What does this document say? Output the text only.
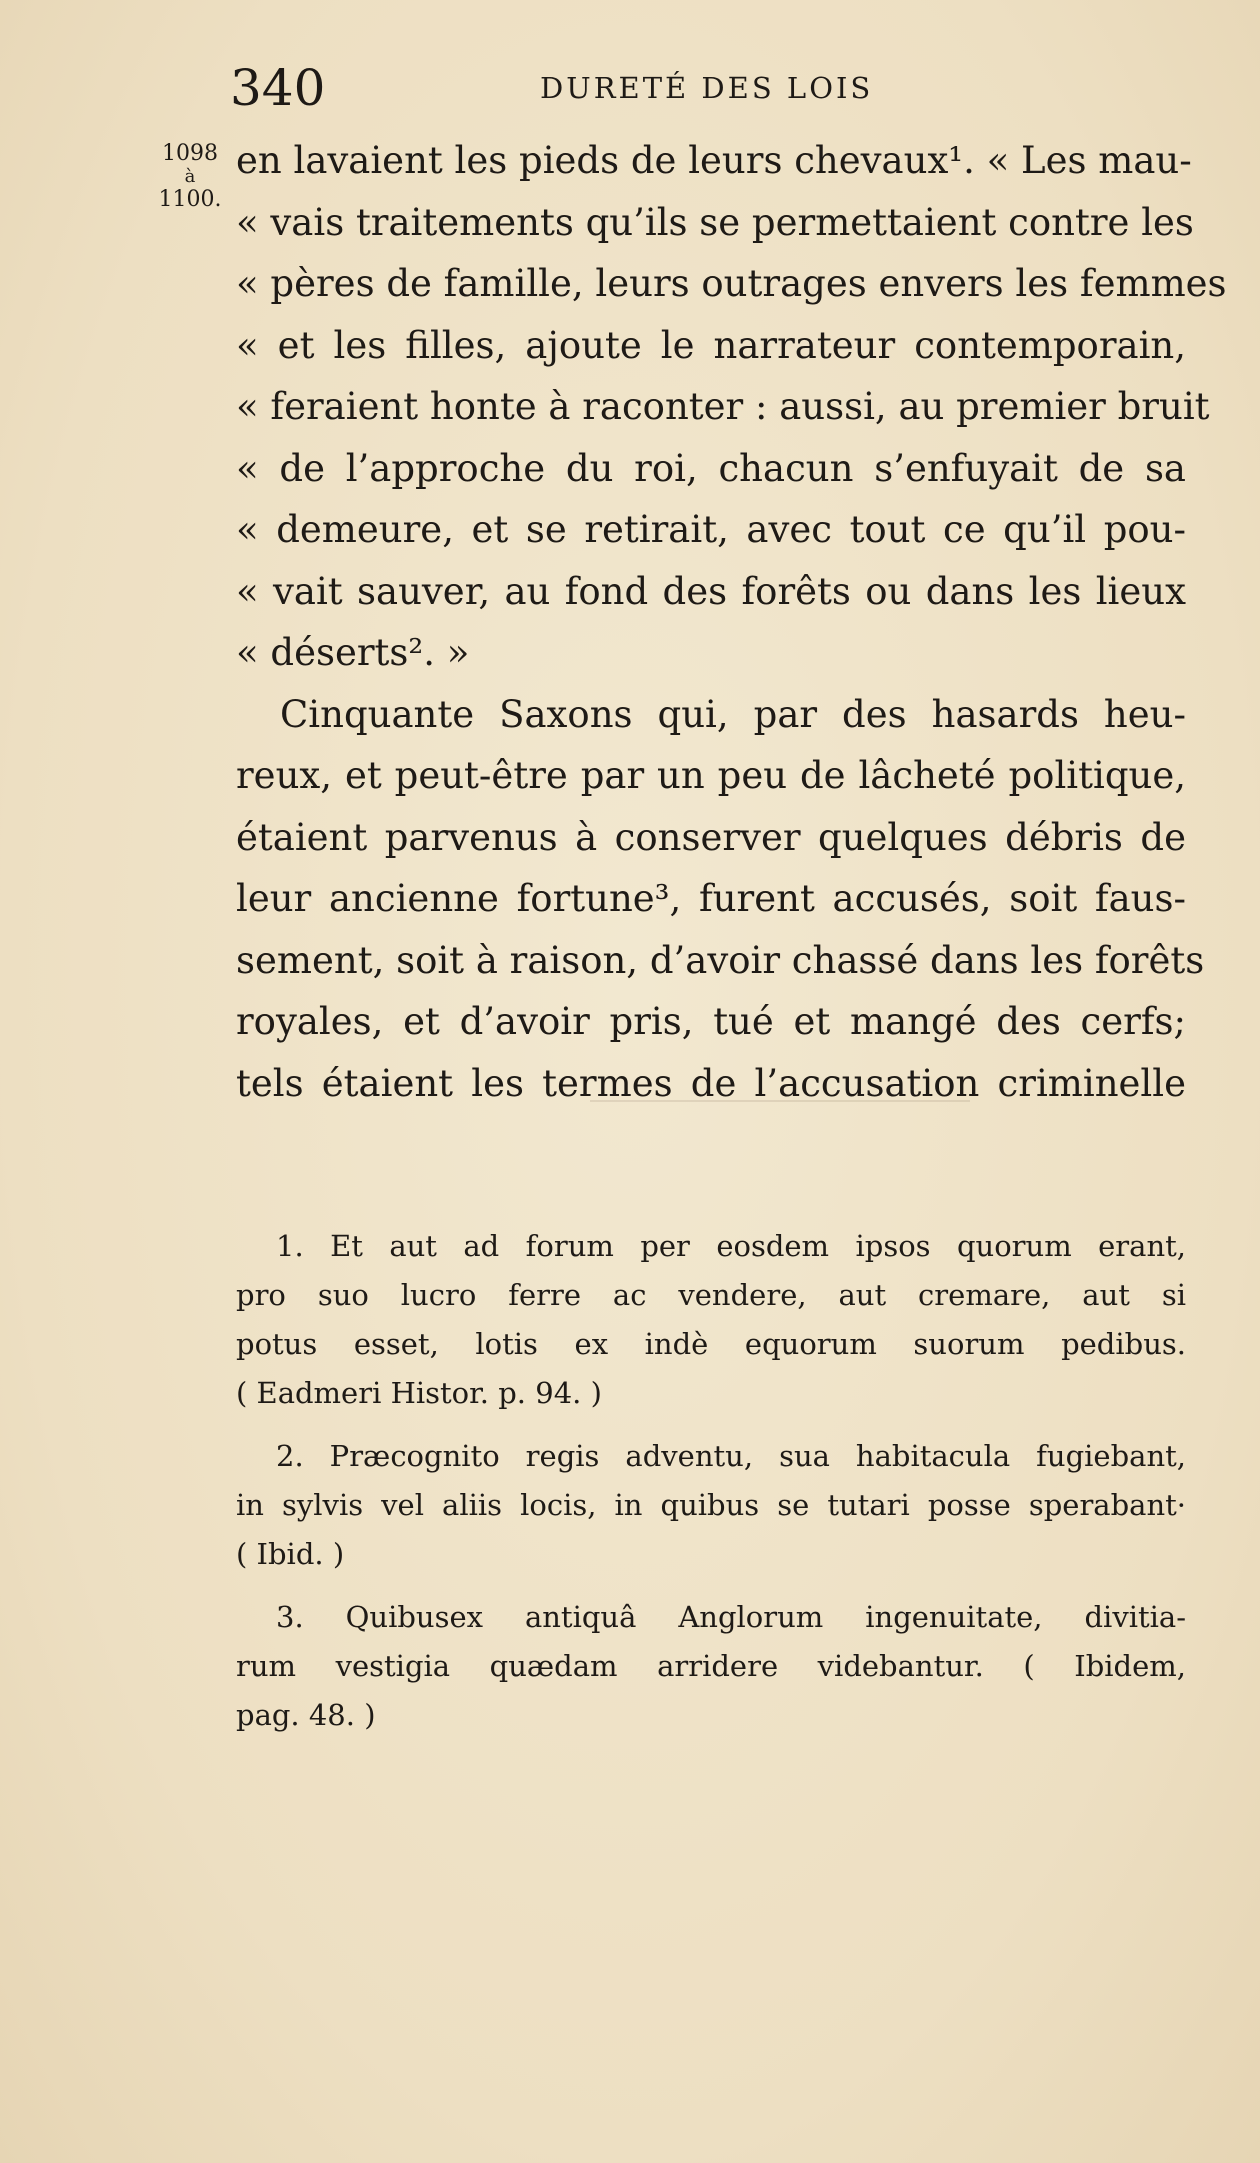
340	DURETÉ DES LOIS
1098
à
1100.
en lavaient les pieds de leurs chevaux¹. « Les mau-
« vais traitements qu’ils se permettaient contre les
« pères de famille, leurs outrages envers les femmes
« et les filles, ajoute le narrateur contemporain,
« feraient honte à raconter : aussi, au premier bruit
« de l’approche du roi, chacun s’enfuyait de sa
« demeure, et se retirait, avec tout ce qu’il pou-
« vait sauver, au fond des forêts ou dans les lieux
« déserts². »
Cinquante Saxons qui, par des hasards heu-
reux, et peut-être par un peu de lâcheté politique,
étaient parvenus à conserver quelques débris de
leur ancienne fortune³, furent accusés, soit faus-
sement, soit à raison, d’avoir chassé dans les forêts
royales, et d’avoir pris, tué et mangé des cerfs;
tels étaient les termes de l’accusation criminelle
1. Et aut ad forum per eosdem ipsos quorum erant,
pro suo lucro ferre ac vendere, aut cremare, aut si
potus esset, lotis ex indè equorum suorum pedibus.
( Eadmeri Histor. p. 94. )
2. Præcognito regis adventu, sua habitacula fugiebant,
in sylvis vel aliis locis, in quibus se tutari posse sperabant·
( Ibid. )
3. Quibusex antiquâ Anglorum ingenuitate, divitia-
rum vestigia quædam arridere videbantur. ( Ibidem,
pag. 48. )
